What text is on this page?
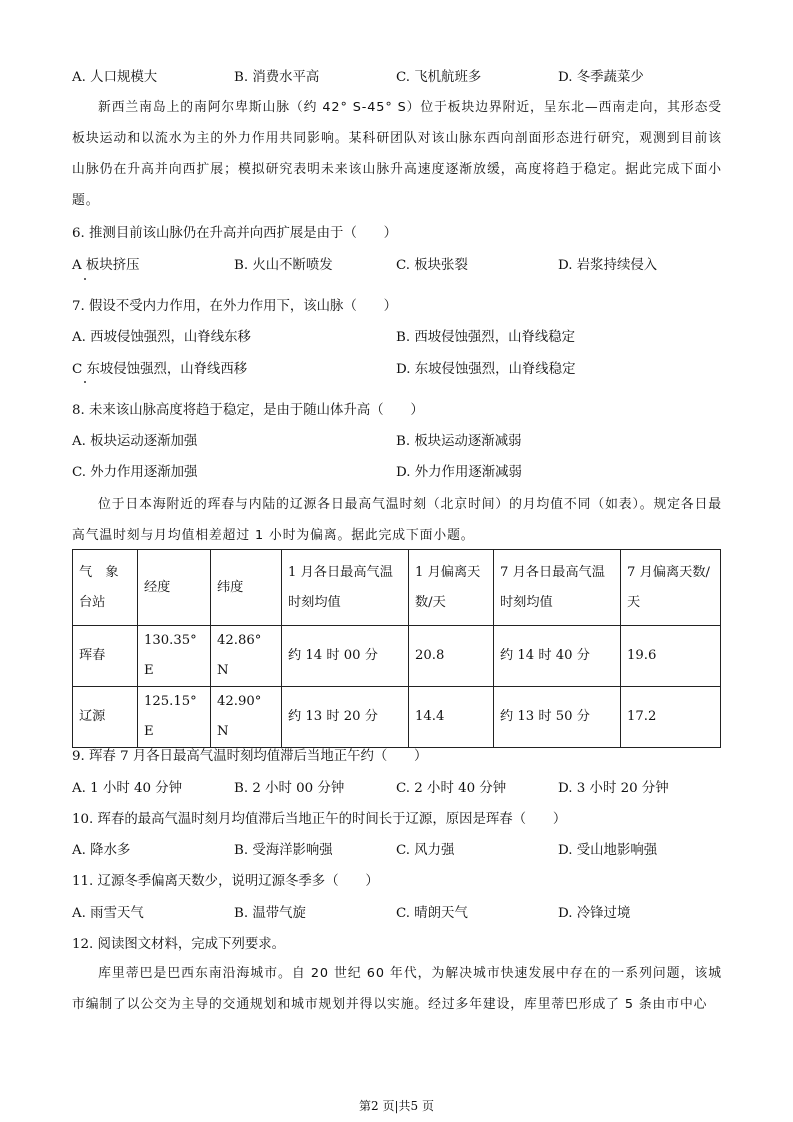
A. 人口规模大	B. 消费水平高	C. 飞机航班多	D. 冬季蔬菜少
新西兰南岛上的南阿尔卑斯山脉（约 42° S-45° S）位于板块边界附近，呈东北—西南走向，其形态受板块运动和以流水为主的外力作用共同影响。某科研团队对该山脉东西向剖面形态进行研究，观测到目前该山脉仍在升高并向西扩展；模拟研究表明未来该山脉升高速度逐渐放缓，高度将趋于稳定。据此完成下面小题。
6. 推测目前该山脉仍在升高并向西扩展是由于（　　）
A 板块挤压	B. 火山不断喷发	C. 板块张裂	D. 岩浆持续侵入
7. 假设不受内力作用，在外力作用下，该山脉（　　）
A. 西坡侵蚀强烈，山脊线东移	B. 西坡侵蚀强烈，山脊线稳定
C 东坡侵蚀强烈，山脊线西移	D. 东坡侵蚀强烈，山脊线稳定
8. 未来该山脉高度将趋于稳定，是由于随山体升高（　　）
A. 板块运动逐渐加强	B. 板块运动逐渐减弱
C. 外力作用逐渐加强	D. 外力作用逐渐减弱
位于日本海附近的珲春与内陆的辽源各日最高气温时刻（北京时间）的月均值不同（如表）。规定各日最高气温时刻与月均值相差超过 1 小时为偏离。据此完成下面小题。
气　象台站	经度	纬度	1 月各日最高气温时刻均值	1 月偏离天数/天	7 月各日最高气温时刻均值	7 月偏离天数/天
珲春	130.35° E	42.86° N	约 14 时 00 分	20.8	约 14 时 40 分	19.6
辽源	125.15° E	42.90° N	约 13 时 20 分	14.4	约 13 时 50 分	17.2
9. 珲春 7 月各日最高气温时刻均值滞后当地正午约（　　）
A. 1 小时 40 分钟	B. 2 小时 00 分钟	C. 2 小时 40 分钟	D. 3 小时 20 分钟
10. 珲春的最高气温时刻月均值滞后当地正午的时间长于辽源，原因是珲春（　　）
A. 降水多	B. 受海洋影响强	C. 风力强	D. 受山地影响强
11. 辽源冬季偏离天数少，说明辽源冬季多（　　）
A. 雨雪天气	B. 温带气旋	C. 晴朗天气	D. 冷锋过境
12. 阅读图文材料，完成下列要求。
库里蒂巴是巴西东南沿海城市。自 20 世纪 60 年代，为解决城市快速发展中存在的一系列问题，该城市编制了以公交为主导的交通规划和城市规划并得以实施。经过多年建设，库里蒂巴形成了 5 条由市中心
第2 页|共5 页
